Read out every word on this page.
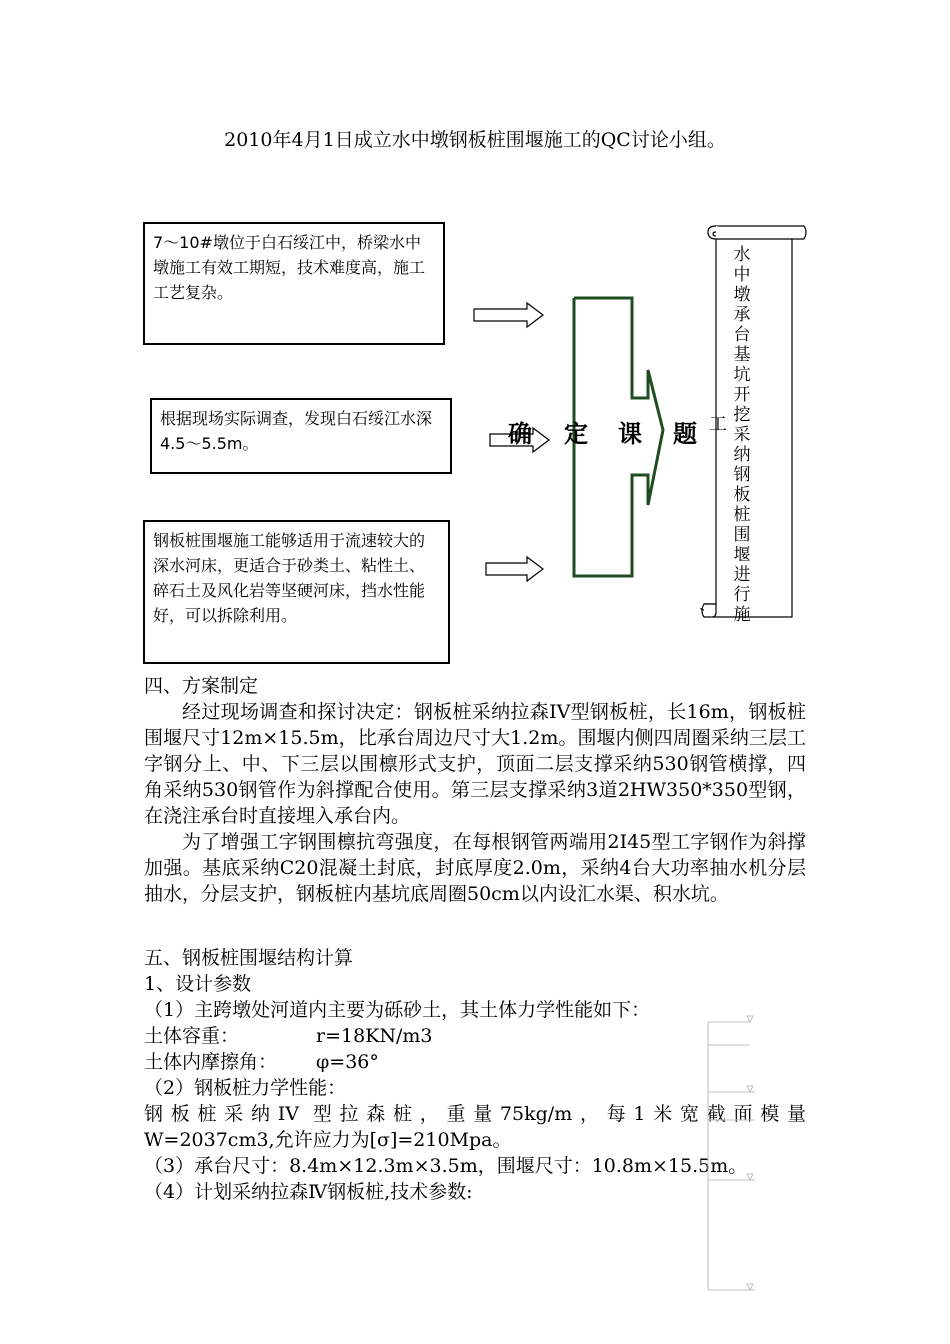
2010年4月1日成立水中墩钢板桩围堰施工的QC讨论小组。
7～10#墩位于白石绥江中，桥梁水中墩施工有效工期短，技术难度高，施工工艺复杂。
根据现场实际调查，发现白石绥江水深4.5～5.5m。
钢板桩围堰施工能够适用于流速较大的深水河床，更适合于砂类土、粘性土、碎石土及风化岩等坚硬河床，挡水性能好，可以拆除利用。
确 定 课 题 工
水中墩承台基坑开挖采纳钢板桩围堰进行施
四、方案制定
经过现场调查和探讨决定：钢板桩采纳拉森IV型钢板桩，长16m，钢板桩围堰尺寸12m×15.5m，比承台周边尺寸大1.2m。围堰内侧四周圈采纳三层工字钢分上、中、下三层以围檩形式支护，顶面二层支撑采纳530钢管横撑，四角采纳530钢管作为斜撑配合使用。第三层支撑采纳3道2HW350*350型钢，在浇注承台时直接埋入承台内。
为了增强工字钢围檩抗弯强度，在每根钢管两端用2I45型工字钢作为斜撑加强。基底采纳C20混凝土封底，封底厚度2.0m，采纳4台大功率抽水机分层抽水，分层支护，钢板桩内基坑底周圈50cm以内设汇水渠、积水坑。
五、钢板桩围堰结构计算
1、设计参数
（1）主跨墩处河道内主要为砾砂土，其土体力学性能如下：
土体容重：	r=18KN/m3
土体内摩擦角： φ=36°
（2）钢板桩力学性能：
钢板桩采纳IV 型拉森桩，重量75kg/m，每1米宽截面模量
W=2037cm3,允许应力为[σ]=210Mpa。
（3）承台尺寸：8.4m×12.3m×3.5m，围堰尺寸：10.8m×15.5m。
（4）计划采纳拉森Ⅳ钢板桩,技术参数:
